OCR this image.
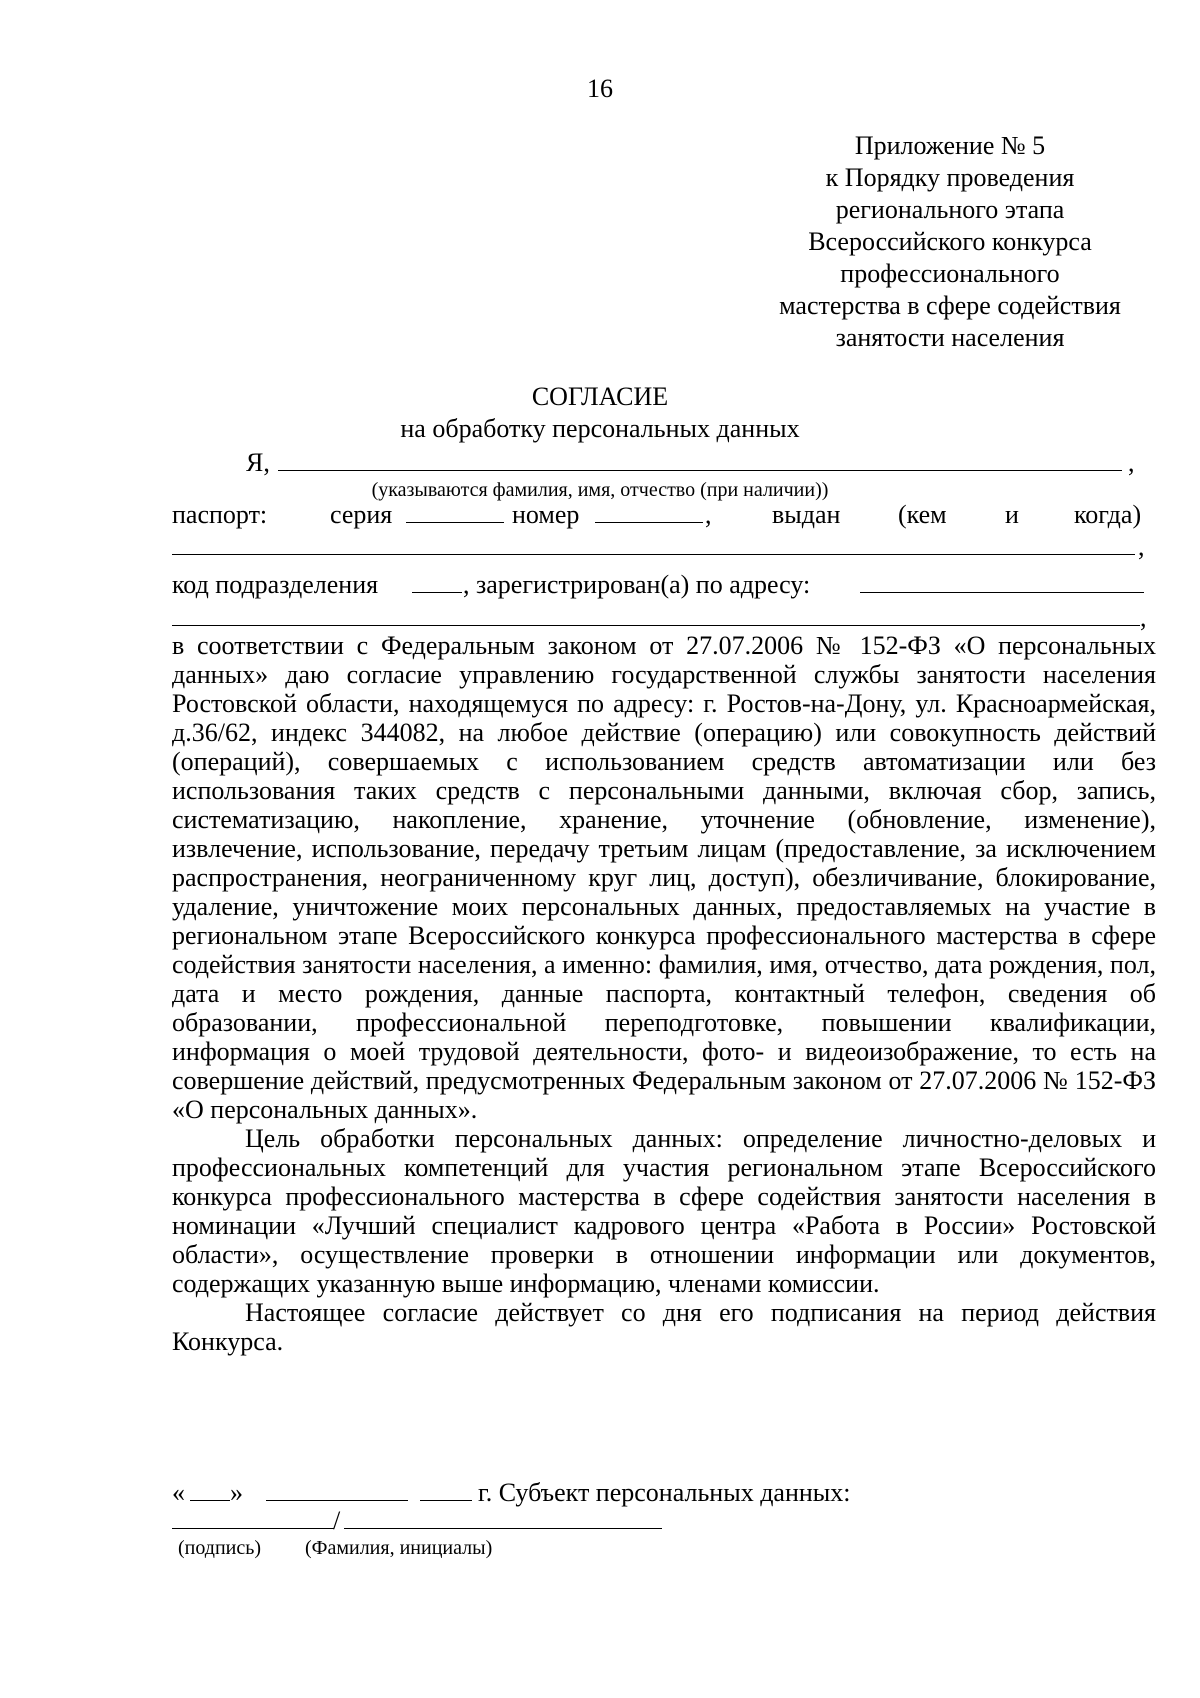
16
Приложение № 5
к Порядку проведения
регионального этапа
Всероссийского конкурса
профессионального
мастерства в сфере содействия
занятости населения
СОГЛАСИЕ
на обработку персональных данных
Я,	,
(указываются фамилия, имя, отчество (при наличии))
паспорт: серия	номер	, выдан (кем и когда)
,
код подразделения	, зарегистрирован(а) по адресу:
,

в соответствии с Федеральным законом от 27.07.2006 № 152-ФЗ «О персональных данных» даю согласие управлению государственной службы занятости населения Ростовской области, находящемуся по адресу: г. Ростов-на-Дону, ул. Красноармейская, д.36/62, индекс 344082, на любое действие (операцию) или совокупность действий (операций), совершаемых с использованием средств автоматизации или без использования таких средств с персональными данными, включая сбор, запись, систематизацию, накопление, хранение, уточнение (обновление, изменение), извлечение, использование, передачу третьим лицам (предоставление, за исключением распространения, неограниченному круг лиц, доступ), обезличивание, блокирование, удаление, уничтожение моих персональных данных, предоставляемых на участие в региональном этапе Всероссийского конкурса профессионального мастерства в сфере содействия занятости населения, а именно: фамилия, имя, отчество, дата рождения, пол, дата и место рождения, данные паспорта, контактный телефон, сведения об образовании, профессиональной переподготовке, повышении квалификации, информация о моей трудовой деятельности, фото- и видеоизображение, то есть на совершение действий, предусмотренных Федеральным законом от 27.07.2006 № 152-ФЗ «О персональных данных».

Цель обработки персональных данных: определение личностно-деловых и профессиональных компетенций для участия региональном этапе Всероссийского конкурса профессионального мастерства в сфере содействия занятости населения в номинации «Лучший специалист кадрового центра «Работа в России» Ростовской области», осуществление проверки в отношении информации или документов, содержащих указанную выше информацию, членами комиссии.

Настоящее согласие действует со дня его подписания на период действия Конкурса.

« »	г. Субъект персональных данных:
/
(подпись) (Фамилия, инициалы)
